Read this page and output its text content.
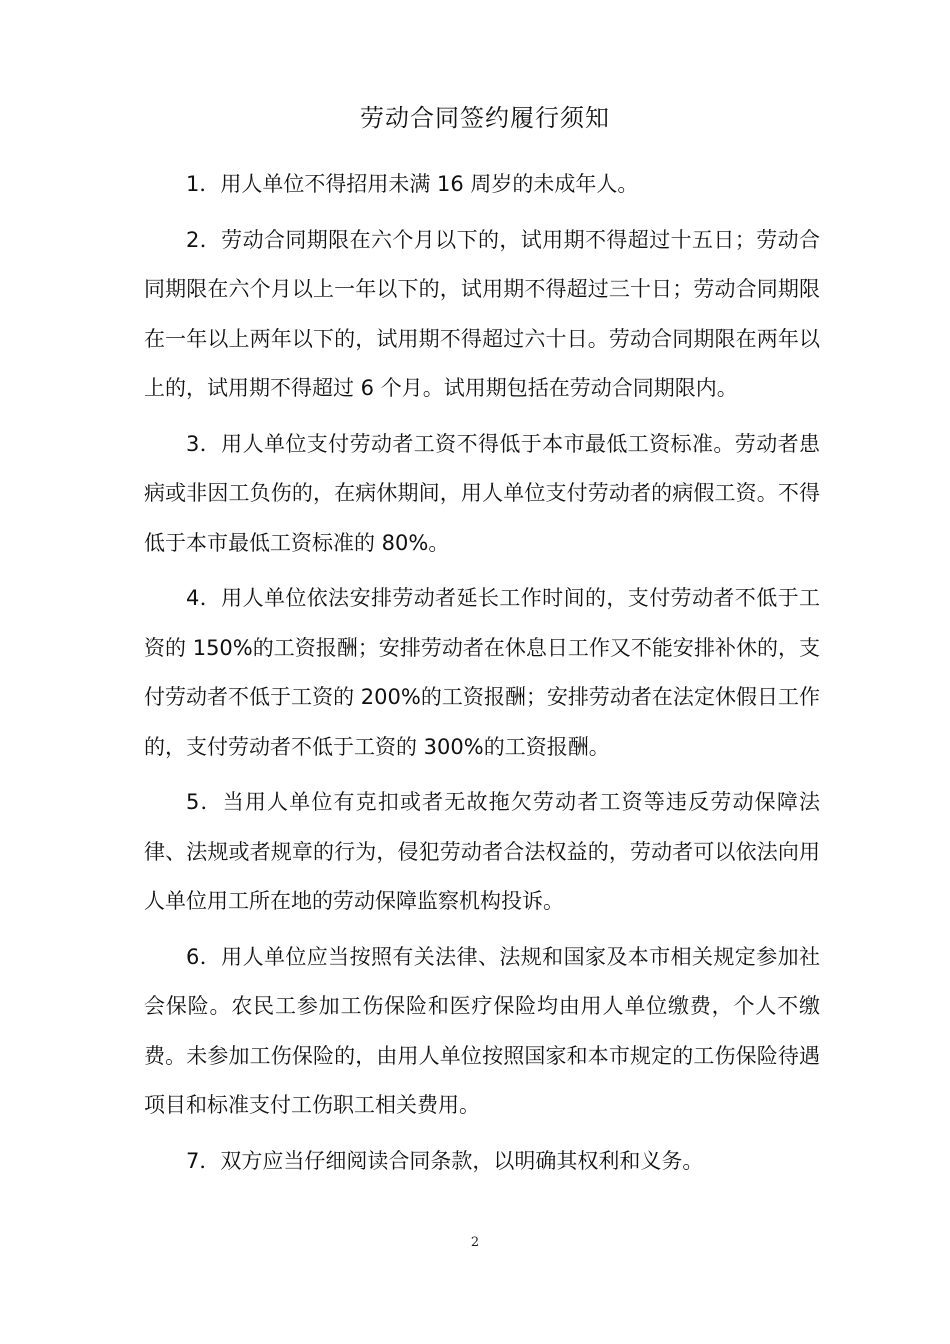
劳动合同签约履行须知

1．用人单位不得招用未满 16 周岁的未成年人。

2．劳动合同期限在六个月以下的，试用期不得超过十五日；劳动合同期限在六个月以上一年以下的，试用期不得超过三十日；劳动合同期限在一年以上两年以下的，试用期不得超过六十日。劳动合同期限在两年以上的，试用期不得超过 6 个月。试用期包括在劳动合同期限内。

3．用人单位支付劳动者工资不得低于本市最低工资标准。劳动者患病或非因工负伤的，在病休期间，用人单位支付劳动者的病假工资。不得低于本市最低工资标准的 80%。

4．用人单位依法安排劳动者延长工作时间的，支付劳动者不低于工资的 150%的工资报酬；安排劳动者在休息日工作又不能安排补休的，支付劳动者不低于工资的 200%的工资报酬；安排劳动者在法定休假日工作的，支付劳动者不低于工资的 300%的工资报酬。

5．当用人单位有克扣或者无故拖欠劳动者工资等违反劳动保障法律、法规或者规章的行为，侵犯劳动者合法权益的，劳动者可以依法向用人单位用工所在地的劳动保障监察机构投诉。

6．用人单位应当按照有关法律、法规和国家及本市相关规定参加社会保险。农民工参加工伤保险和医疗保险均由用人单位缴费，个人不缴费。未参加工伤保险的，由用人单位按照国家和本市规定的工伤保险待遇项目和标准支付工伤职工相关费用。

7．双方应当仔细阅读合同条款，以明确其权利和义务。

2
